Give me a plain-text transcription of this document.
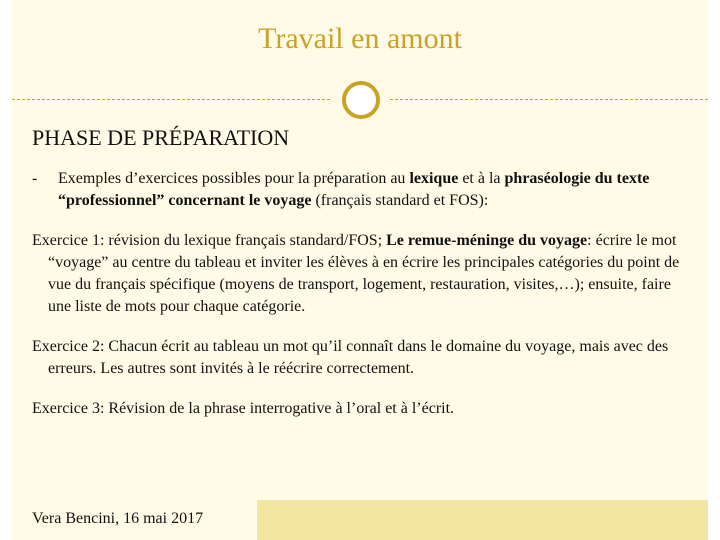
Travail en amont
PHASE DE PRÉPARATION
-	Exemples d’exercices possibles pour la préparation au lexique et à la phraséologie du texte “professionnel” concernant le voyage (français standard et FOS):
Exercice 1: révision du lexique français standard/FOS; Le remue-méninge du voyage: écrire le mot “voyage” au centre du tableau et inviter les élèves à en écrire les principales catégories du point de vue du français spécifique (moyens de transport, logement, restauration, visites,…); ensuite, faire une liste de mots pour chaque catégorie.
Exercice 2: Chacun écrit au tableau un mot qu’il connaît dans le domaine du voyage, mais avec des erreurs. Les autres sont invités à le réécrire correctement.
Exercice 3: Révision de la phrase interrogative à l’oral et à l’écrit.
Vera Bencini, 16 mai 2017
